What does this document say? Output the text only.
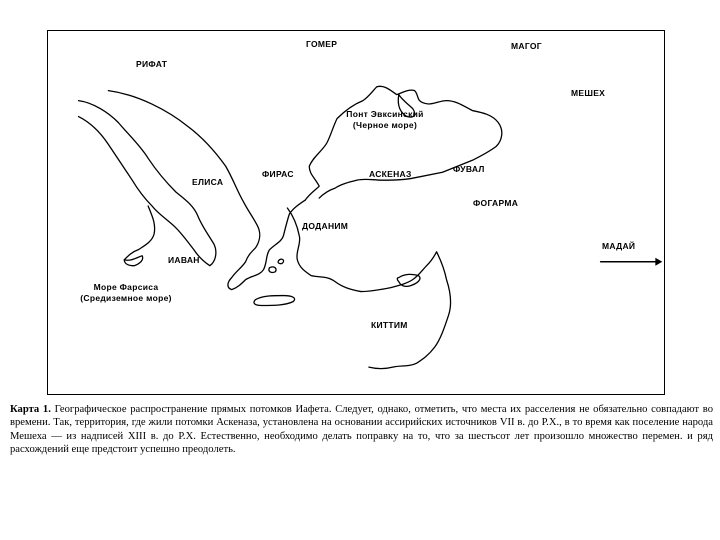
ГОМЕР	МАГОГ
РИФАТ
МЕШЕХ
Понт Эвксинский
(Черное море)
ЕЛИСА
ФИРАС	АСКЕНАЗ	ФУВАЛ
ФОГАРМА
ДОДАНИМ
МАДАЙ
ИАВАН
Море Фарсиса
(Средиземное море)
КИТТИМ

Карта 1. Географическое распространение прямых потомков Иафета. Следует, однако, отметить, что места их расселения не обязательно совпадают во времени. Так, территория, где жили потомки Аскеназа, установлена на основании ассирийских источников VII в. до Р.Х., в то время как поселение народа Мешеха — из надписей XIII в. до Р.Х. Естественно, необходимо делать поправку на то, что за шестьсот лет произошло множество перемен. и ряд расхождений еще предстоит успешно преодолеть.
